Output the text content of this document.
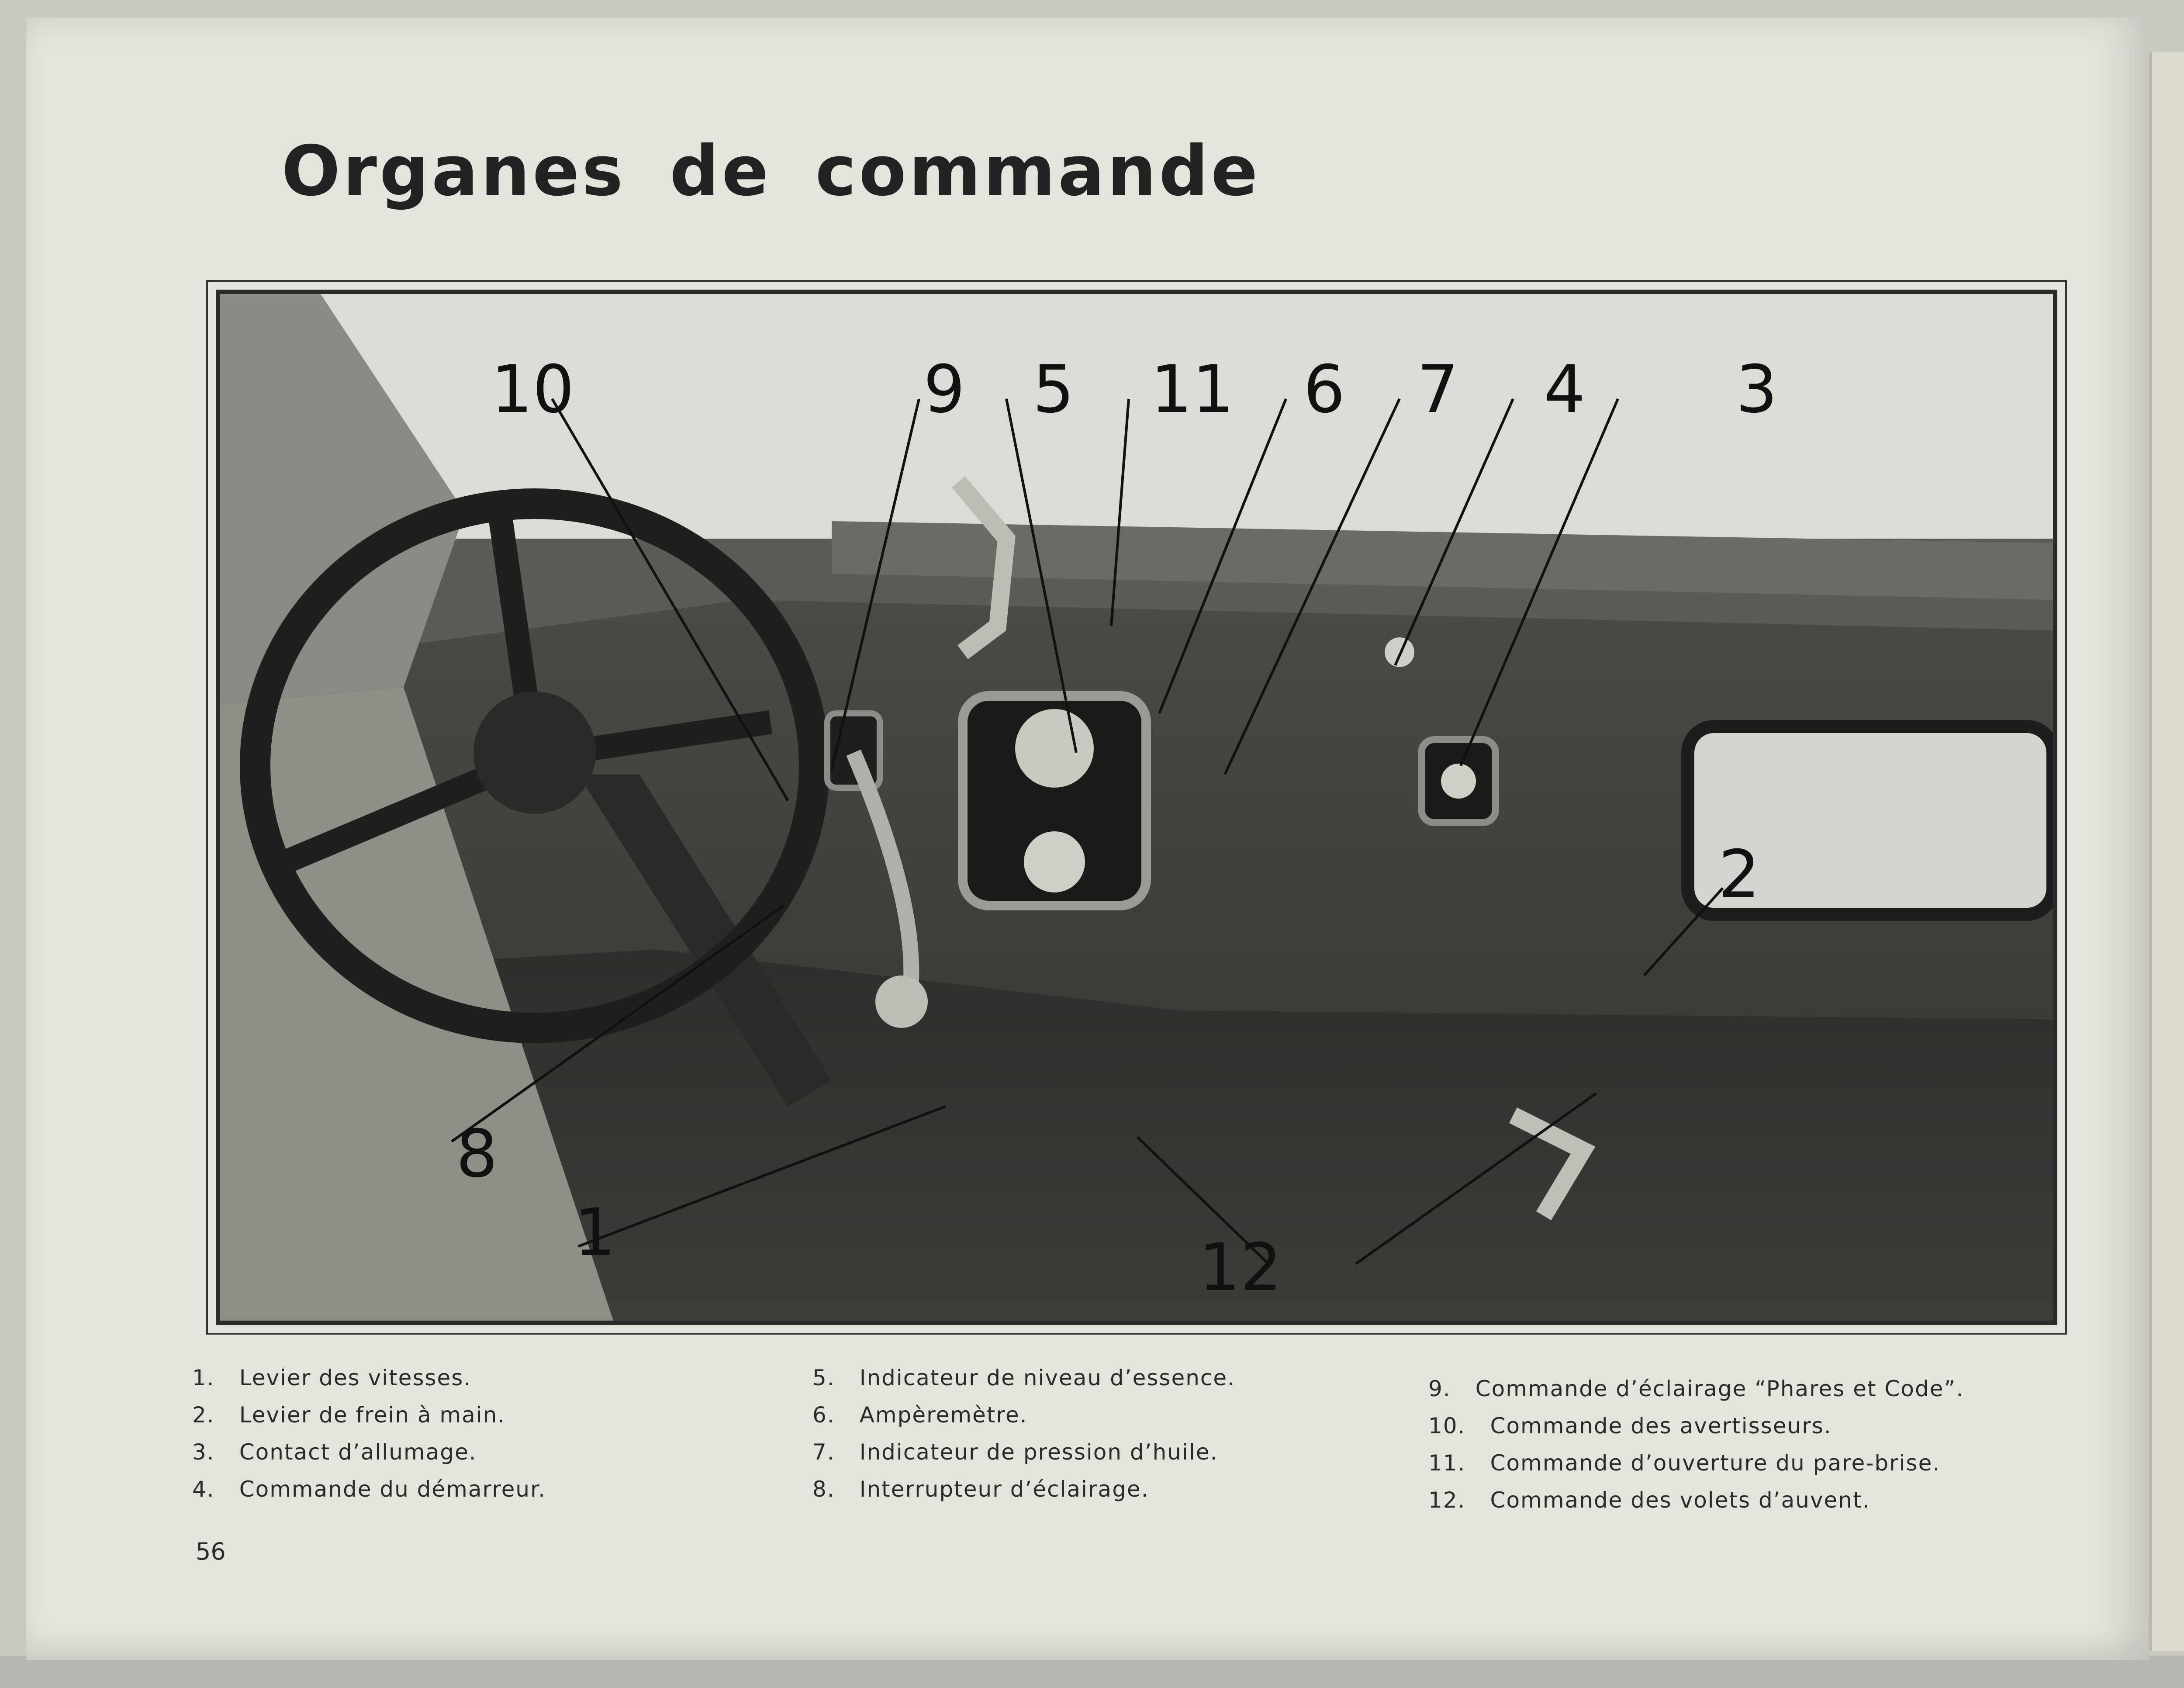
Organes de commande
10	9 5 11 6 7 4 3
2
8
1	12
1. Levier des vitesses.
2. Levier de frein à main.
3. Contact d’allumage.
4. Commande du démarreur.
5. Indicateur de niveau d’essence.
6. Ampèremètre.
7. Indicateur de pression d’huile.
8. Interrupteur d’éclairage.
9. Commande d’éclairage “Phares et Code”.
10. Commande des avertisseurs.
11. Commande d’ouverture du pare-brise.
12. Commande des volets d’auvent.
56
